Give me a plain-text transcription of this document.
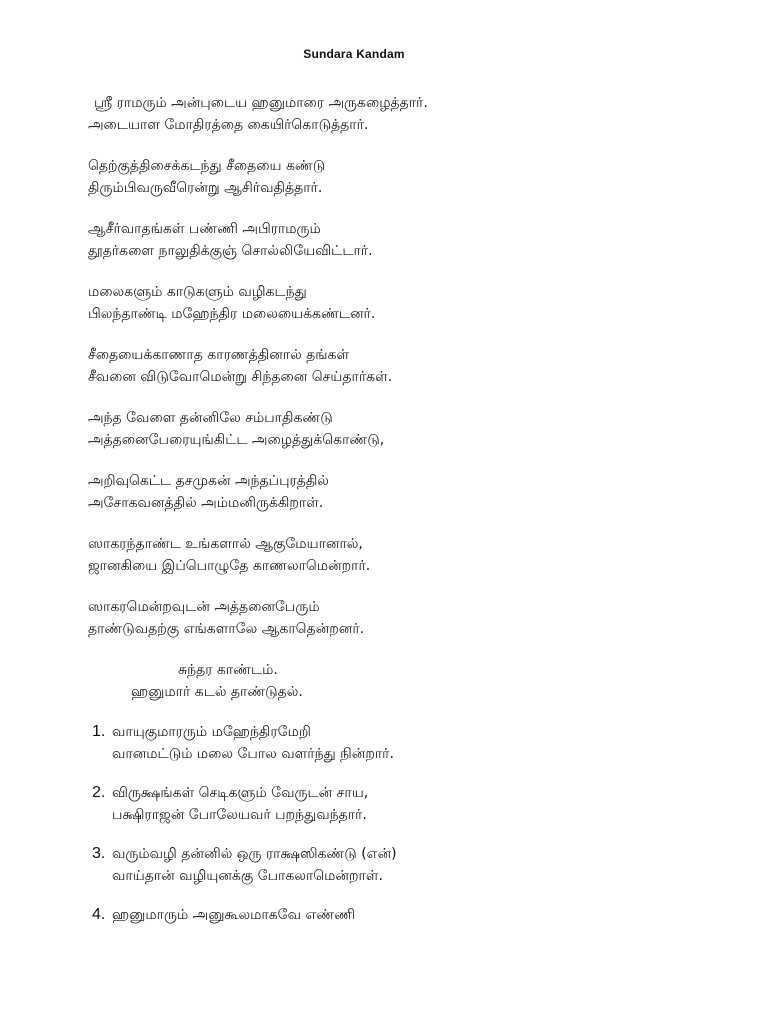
Sundara Kandam
ஸ்ரீ ராமரும் அன்புடைய ஹனுமாரை அருகழைத்தார்.
அடையாள மோதிரத்தை கையிர்கொடுத்தார்.
தெற்குத்திசைக்கடந்து சீதையை கண்டு
திரும்பிவருவீரென்று ஆசிர்வதித்தார்.
ஆசீர்வாதங்கள் பண்ணி அபிராமரும்
தூதர்களை நாலுதிக்குஞ் சொல்லியேவிட்டார்.
மலைகளும் காடுகளும் வழிகடந்து
பிலந்தாண்டி மஹேந்திர மலையைக்கண்டனர்.
சீதையைக்காணாத காரணத்தினால் தங்கள்
சீவனை விடுவோமென்று சிந்தனை செய்தார்கள்.
அந்த வேளை தன்னிலே சம்பாதிகண்டு
அத்தனைபேரையுங்கிட்ட அழைத்துக்கொண்டு,
அறிவுகெட்ட தசமுகன் அந்தப்புரத்தில்
அசோகவனத்தில் அம்மனிருக்கிறாள்.
ஸாகரந்தாண்ட உங்களால் ஆகுமேயானால்,
ஜானகியை இப்பொழுதே காணலாமென்றார்.
ஸாகரமென்றவுடன் அத்தனைபேரும்
தாண்டுவதற்கு எங்களாலே ஆகாதென்றனர்.
சுந்தர காண்டம்.
ஹனுமார் கடல் தாண்டுதல்.
1. வாயுகுமாரரும் மஹேந்திரமேறி
வானமட்டும் மலை போல வளர்ந்து நின்றார்.
2. விருக்ஷங்கள் செடிகளும் வேருடன் சாய,
பக்ஷிராஜன் போலேயவர் பறந்துவந்தார்.
3. வரும்வழி தன்னில் ஒரு ராக்ஷஸிகண்டு (என்)
வாய்தான் வழியுனக்கு போகலாமென்றாள்.
4. ஹனுமாரும் அனுகூலமாகவே எண்ணி
